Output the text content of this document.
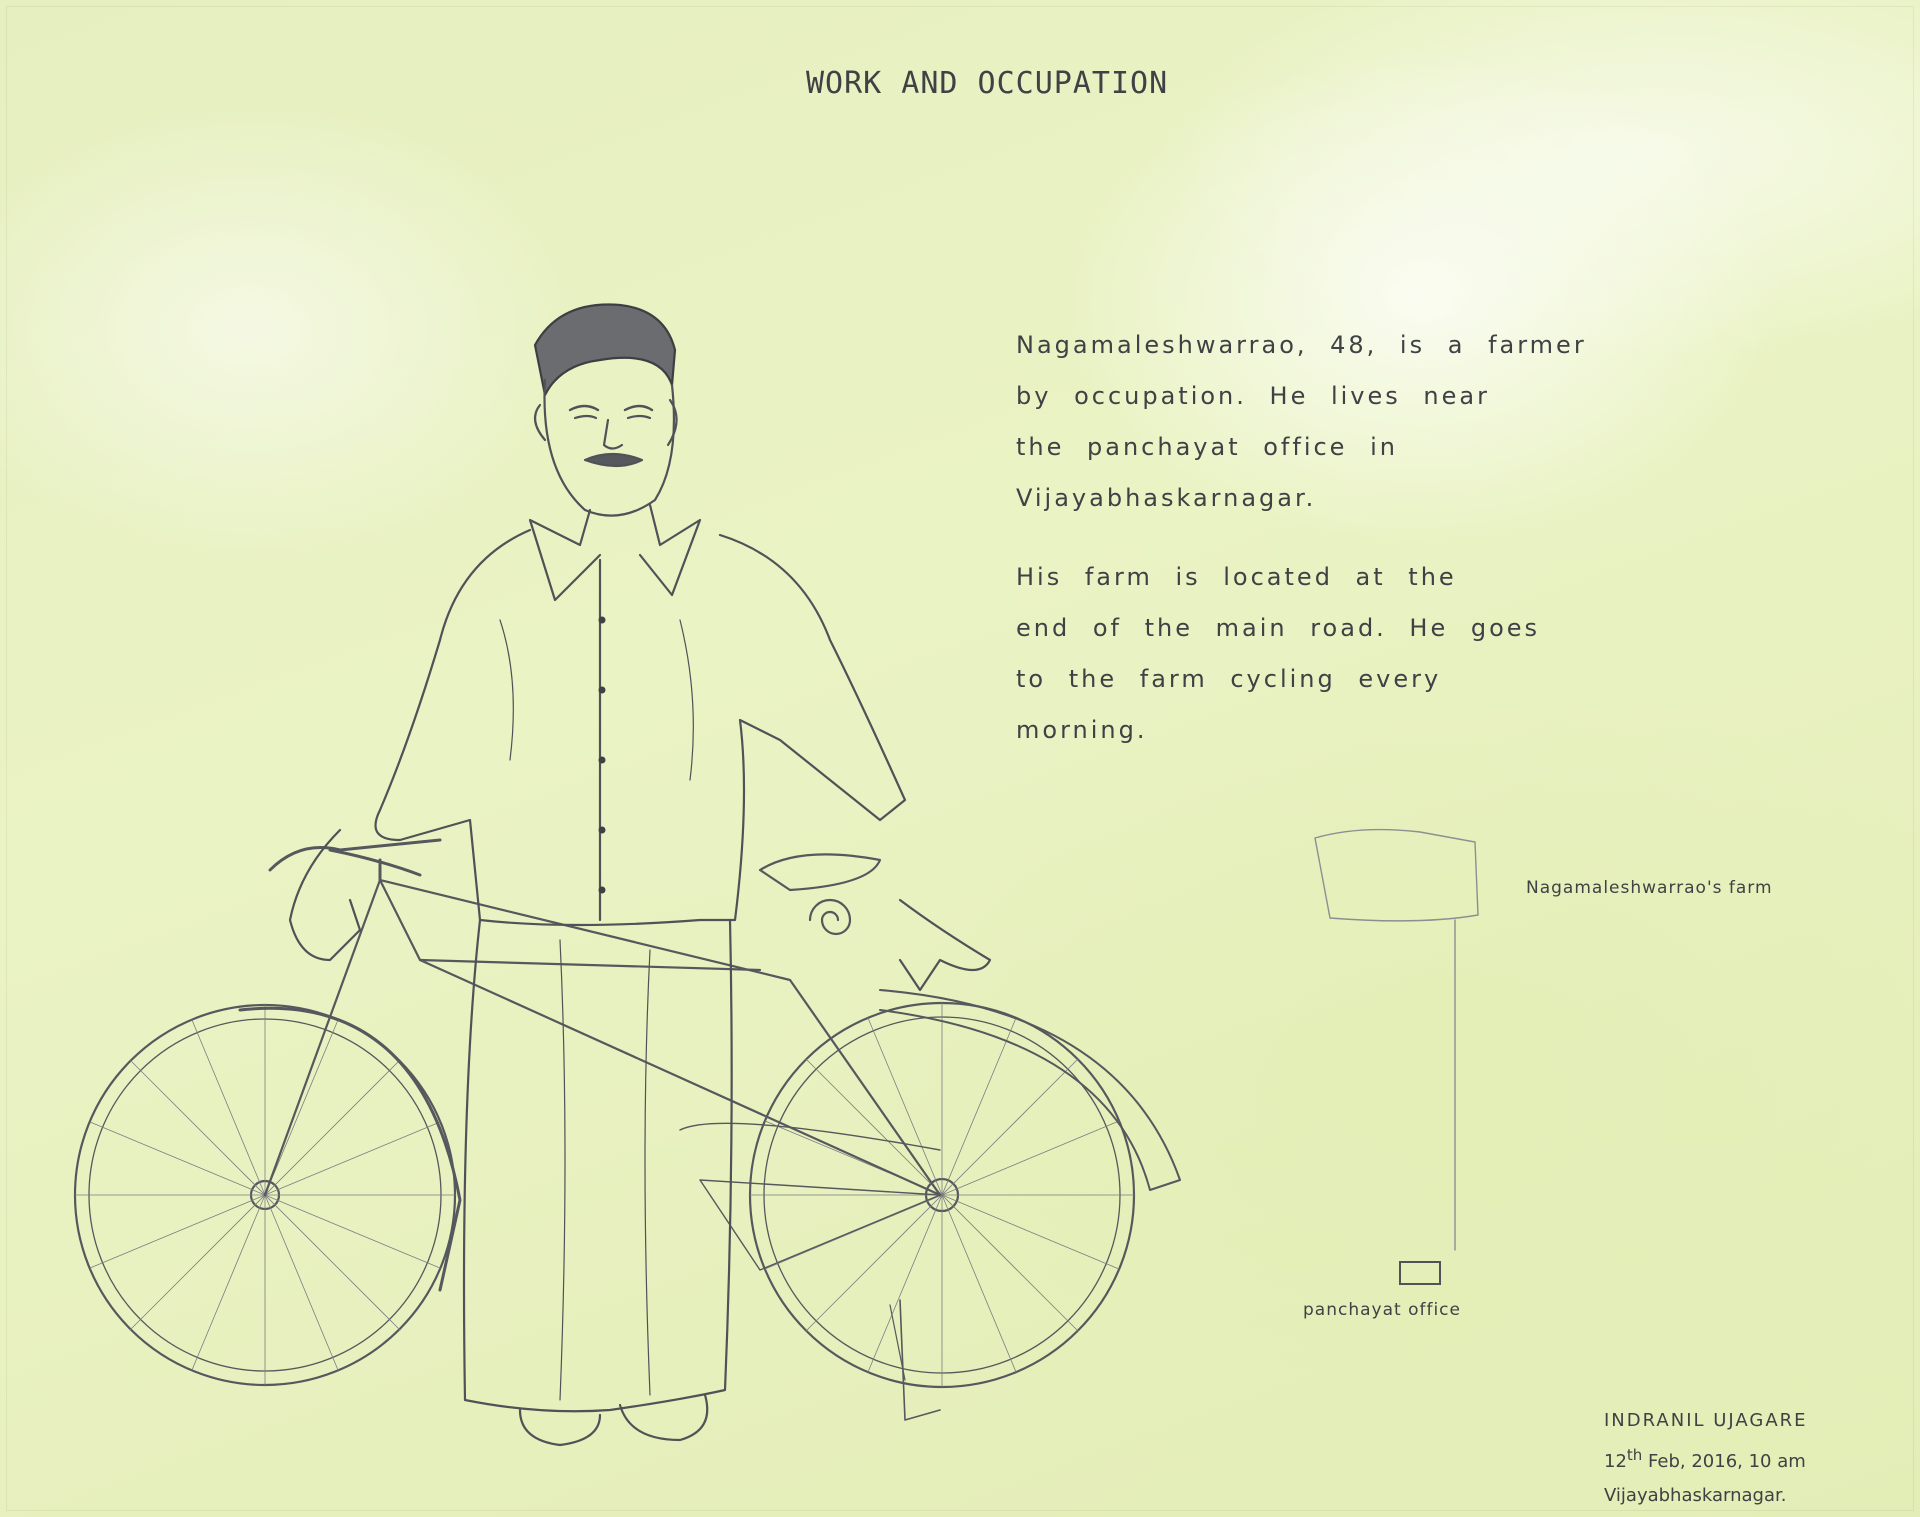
WORK AND OCCUPATION

Nagamaleshwarrao, 48, is a farmer
by occupation. He lives near
the panchayat office in
Vijayabhaskarnagar.

His farm is located at the
end of the main road. He goes
to the farm cycling every
morning.

Nagamaleshwarrao's farm
panchayat office
INDRANIL UJAGARE
12th Feb, 2016, 10 am
Vijayabhaskarnagar.
